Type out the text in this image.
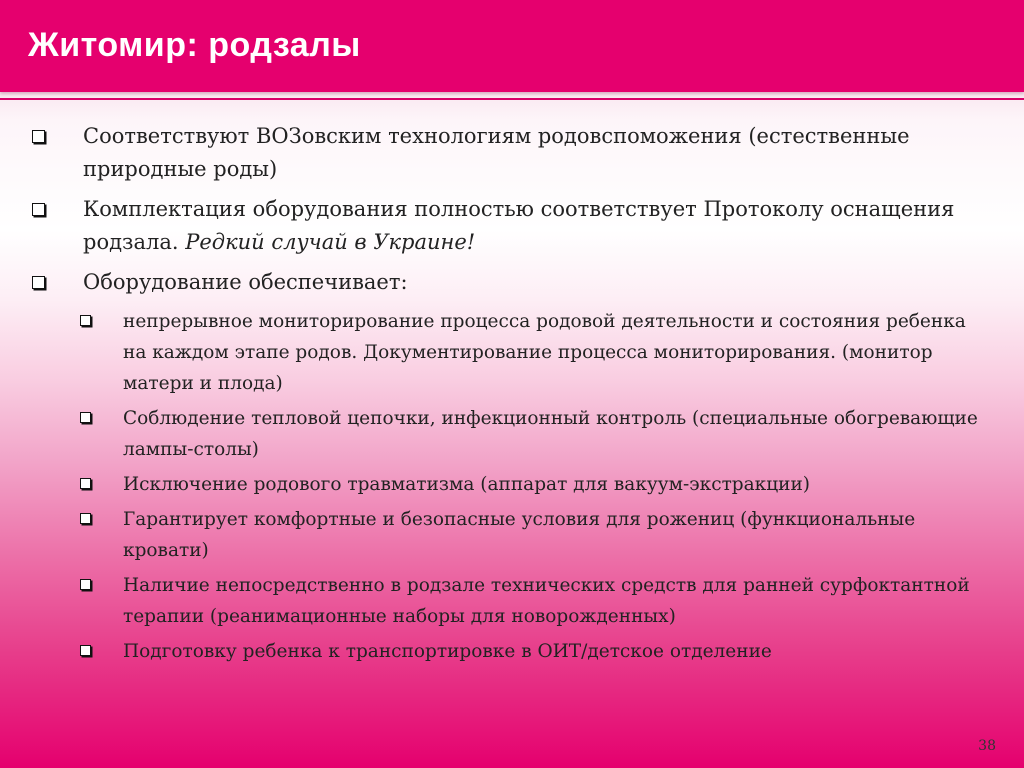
Житомир: родзалы
Соответствуют ВОЗовским технологиям родовспоможения (естественные природные роды)
Комплектация оборудования полностью соответствует Протоколу оснащения родзала. Редкий случай в Украине!
Оборудование обеспечивает:
непрерывное мониторирование процесса родовой деятельности и состояния ребенка на каждом этапе родов. Документирование процесса мониторирования. (монитор матери и плода)
Соблюдение тепловой цепочки, инфекционный контроль (специальные обогревающие лампы-столы)
Исключение родового травматизма (аппарат для вакуум-экстракции)
Гарантирует комфортные и безопасные условия для рожениц (функциональные кровати)
Наличие непосредственно в родзале технических средств для ранней сурфоктантной терапии (реанимационные наборы для новорожденных)
Подготовку ребенка к транспортировке в ОИТ/детское отделение
38
